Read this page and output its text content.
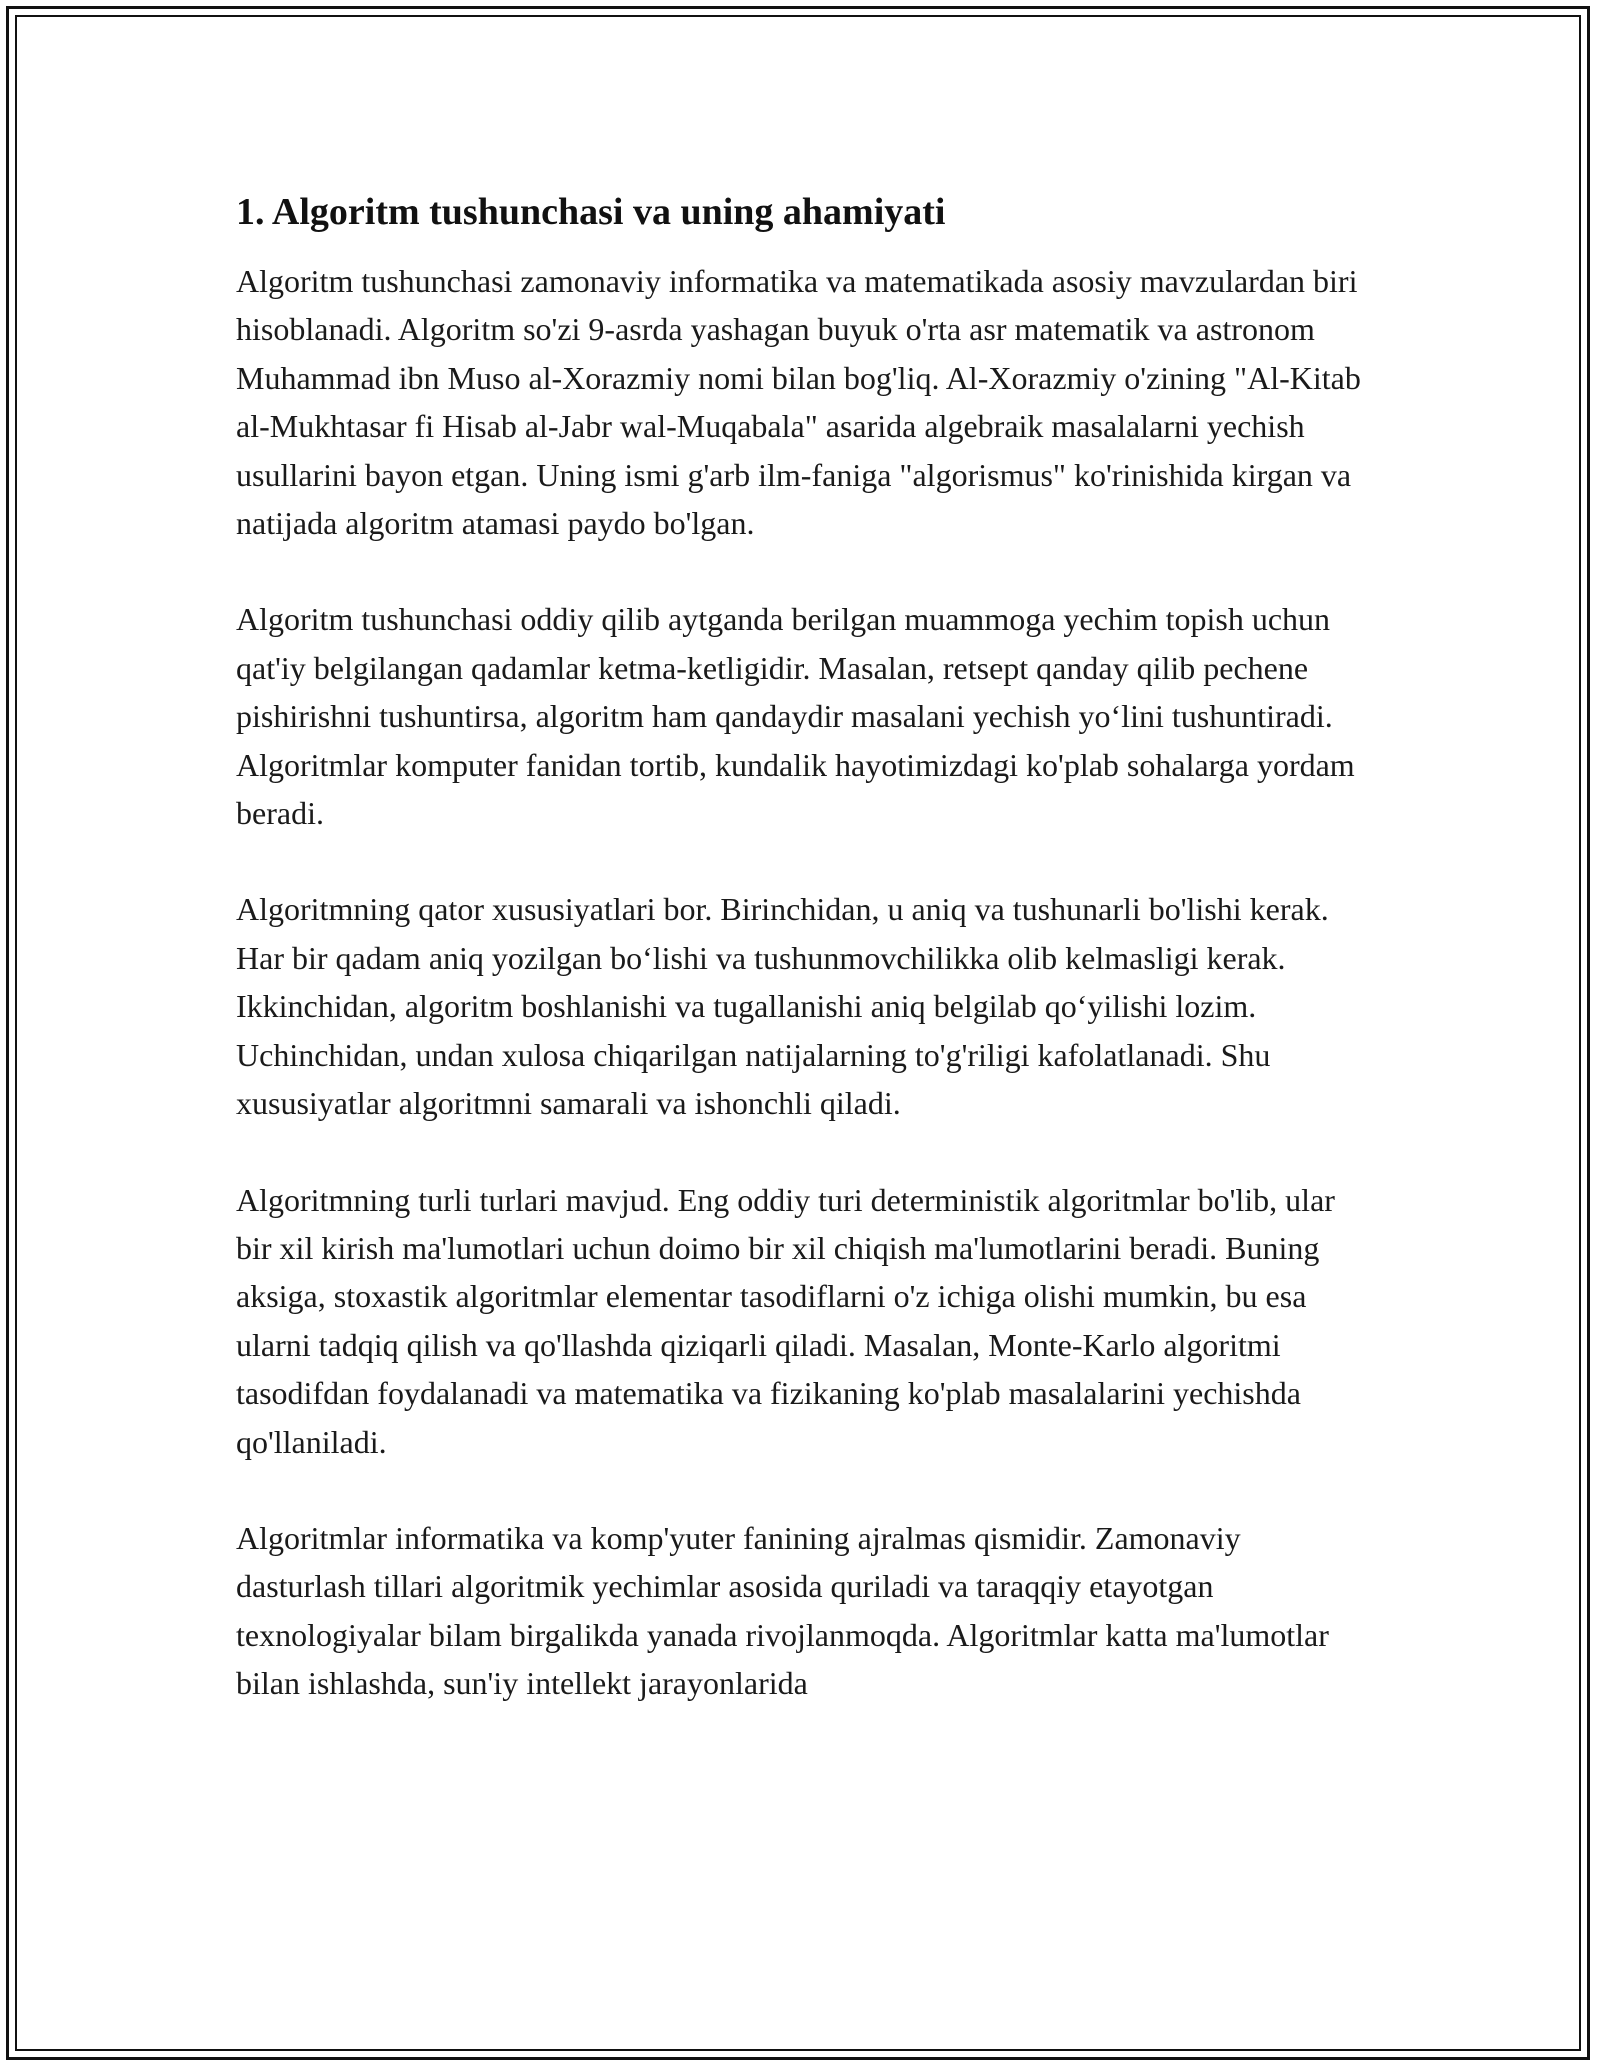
1. Algoritm tushunchasi va uning ahamiyati

Algoritm tushunchasi zamonaviy informatika va matematikada asosiy mavzulardan biri hisoblanadi. Algoritm so'zi 9-asrda yashagan buyuk o'rta asr matematik va astronom Muhammad ibn Muso al-Xorazmiy nomi bilan bog'liq. Al-Xorazmiy o'zining "Al-Kitab al-Mukhtasar fi Hisab al-Jabr wal-Muqabala" asarida algebraik masalalarni yechish usullarini bayon etgan. Uning ismi g'arb ilm-faniga "algorismus" ko'rinishida kirgan va natijada algoritm atamasi paydo bo'lgan.

Algoritm tushunchasi oddiy qilib aytganda berilgan muammoga yechim topish uchun qat'iy belgilangan qadamlar ketma-ketligidir. Masalan, retsept qanday qilib pechene pishirishni tushuntirsa, algoritm ham qandaydir masalani yechish yo‘lini tushuntiradi. Algoritmlar komputer fanidan tortib, kundalik hayotimizdagi ko'plab sohalarga yordam beradi.

Algoritmning qator xususiyatlari bor. Birinchidan, u aniq va tushunarli bo'lishi kerak. Har bir qadam aniq yozilgan bo‘lishi va tushunmovchilikka olib kelmasligi kerak. Ikkinchidan, algoritm boshlanishi va tugallanishi aniq belgilab qo‘yilishi lozim. Uchinchidan, undan xulosa chiqarilgan natijalarning to'g'riligi kafolatlanadi. Shu xususiyatlar algoritmni samarali va ishonchli qiladi.

Algoritmning turli turlari mavjud. Eng oddiy turi deterministik algoritmlar bo'lib, ular bir xil kirish ma'lumotlari uchun doimo bir xil chiqish ma'lumotlarini beradi. Buning aksiga, stoxastik algoritmlar elementar tasodiflarni o'z ichiga olishi mumkin, bu esa ularni tadqiq qilish va qo'llashda qiziqarli qiladi. Masalan, Monte-Karlo algoritmi tasodifdan foydalanadi va matematika va fizikaning ko'plab masalalarini yechishda qo'llaniladi.

Algoritmlar informatika va komp'yuter fanining ajralmas qismidir. Zamonaviy dasturlash tillari algoritmik yechimlar asosida quriladi va taraqqiy etayotgan texnologiyalar bilam birgalikda yanada rivojlanmoqda. Algoritmlar katta ma'lumotlar bilan ishlashda, sun'iy intellekt jarayonlarida
